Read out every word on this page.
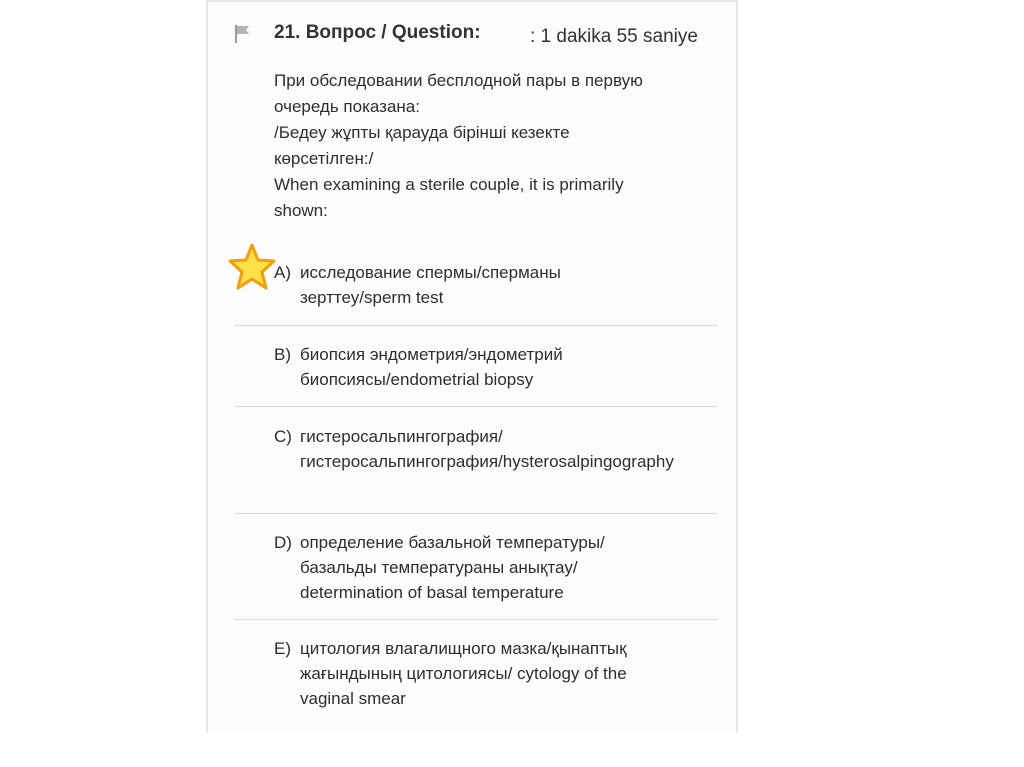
21. Вопрос / Question:	: 1 dakika 55 saniye
При обследовании бесплодной пары в первую
очередь показана:
/Бедеу жұпты қарауда бірінші кезекте
көрсетілген:/
When examining a sterile couple, it is primarily
shown:
A) исследование спермы/спермaны
зерттеу/sperm test
B) биопсия эндометрия/эндометрий
биопсиясы/endometrial biopsy
C) гистеросальпингография/
гистеросальпингография/hysterosalpingography
D) определение базальной температуры/
базальды температураны анықтау/
determination of basal temperature
E) цитология влагалищного мазка/қынаптық
жағындының цитологиясы/ cytology of the
vaginal smear
